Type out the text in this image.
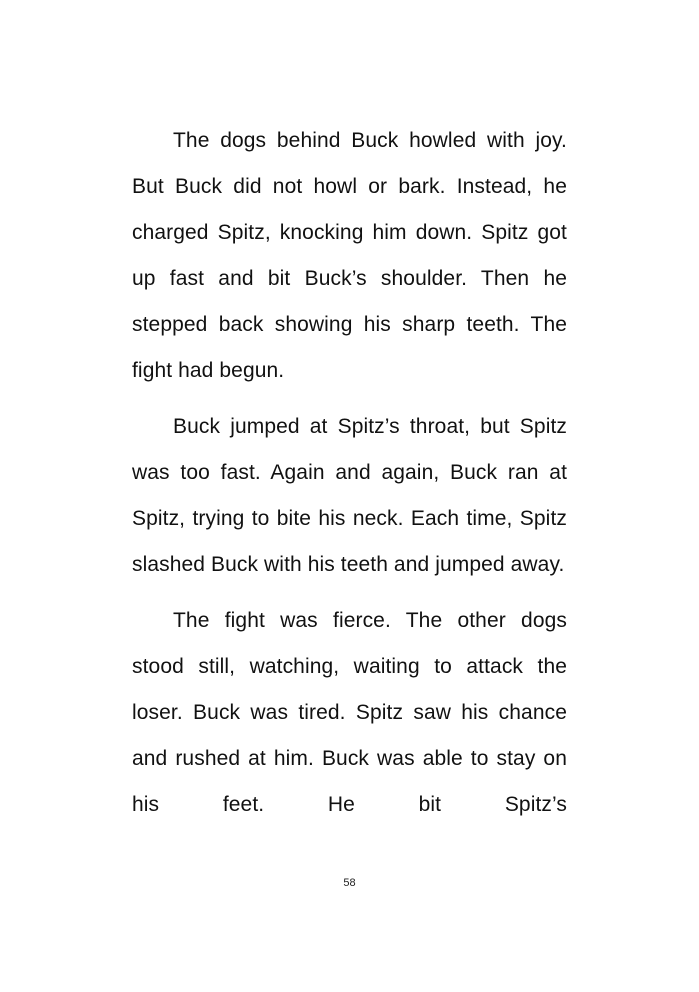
The dogs behind Buck howled with joy. But Buck did not howl or bark. Instead, he charged Spitz, knocking him down. Spitz got up fast and bit Buck’s shoulder. Then he stepped back showing his sharp teeth. The fight had begun.

Buck jumped at Spitz’s throat, but Spitz was too fast. Again and again, Buck ran at Spitz, trying to bite his neck. Each time, Spitz slashed Buck with his teeth and jumped away.

The fight was fierce. The other dogs stood still, watching, waiting to attack the loser. Buck was tired. Spitz saw his chance and rushed at him. Buck was able to stay on his feet. He bit Spitz’s

58
